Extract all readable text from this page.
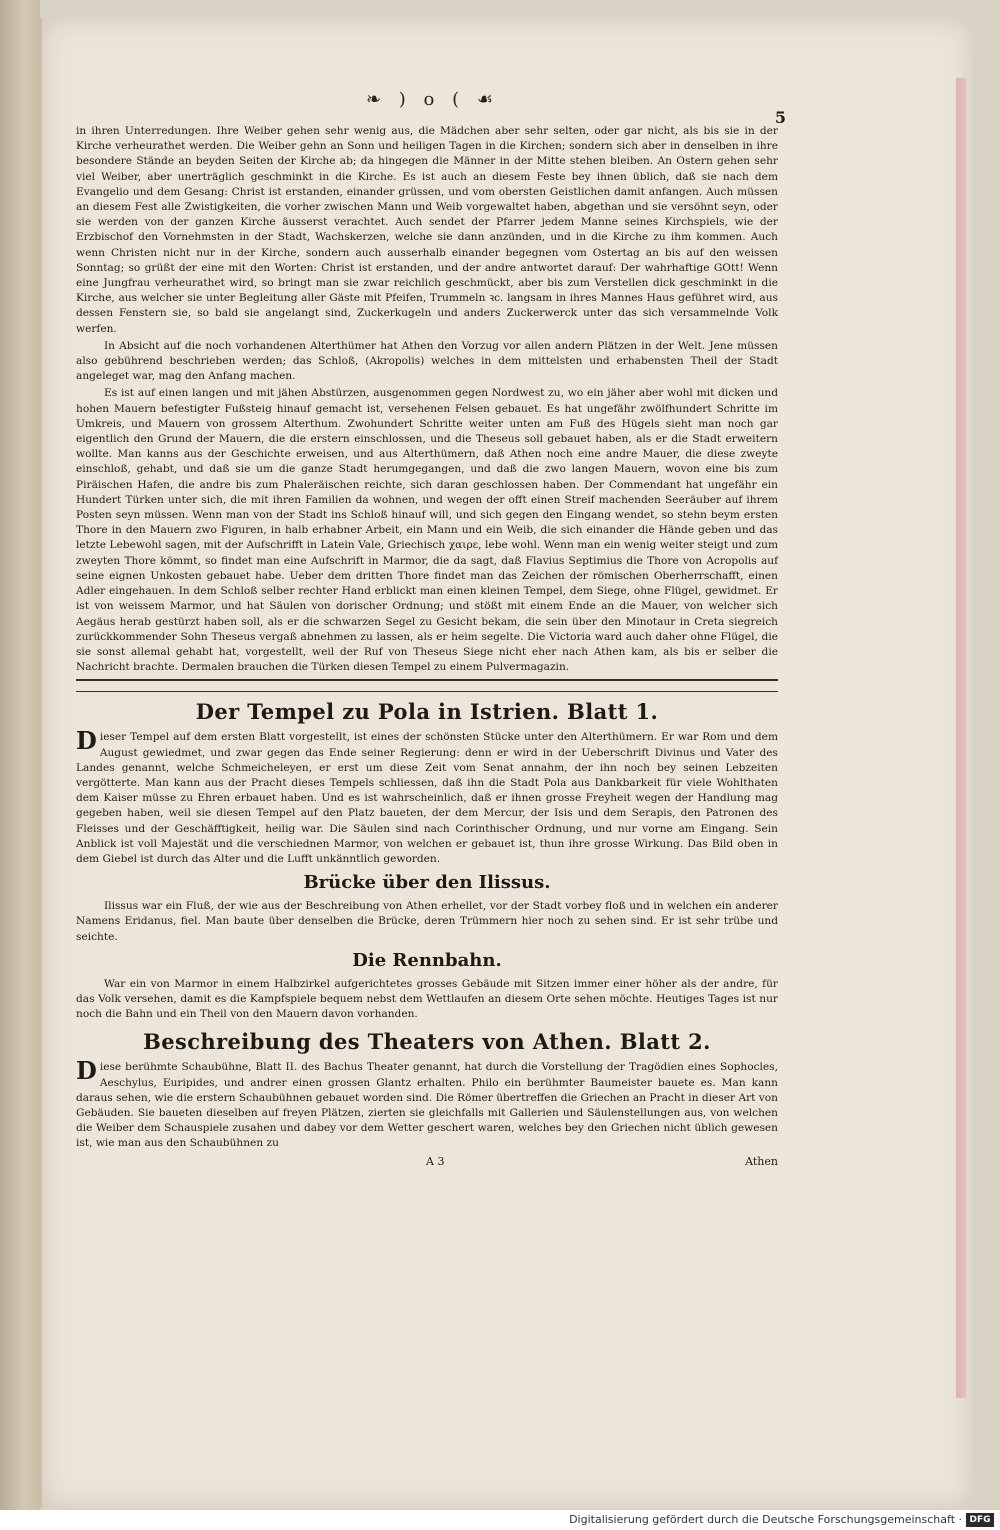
❧ ) o ( ☙
5

in ihren Unterredungen. Ihre Weiber gehen sehr wenig aus, die Mädchen aber sehr selten, oder gar nicht, als bis sie in der Kirche verheurathet werden. Die Weiber gehn an Sonn und heiligen Tagen in die Kirchen; sondern sich aber in denselben in ihre besondere Stände an beyden Seiten der Kirche ab; da hingegen die Männer in der Mitte stehen bleiben. An Ostern gehen sehr viel Weiber, aber unerträglich geschminkt in die Kirche. Es ist auch an diesem Feste bey ihnen üblich, daß sie nach dem Evangelio und dem Gesang: Christ ist erstanden, einander grüssen, und vom obersten Geistlichen damit anfangen. Auch müssen an diesem Fest alle Zwistigkeiten, die vorher zwischen Mann und Weib vorgewaltet haben, abgethan und sie versöhnt seyn, oder sie werden von der ganzen Kirche äusserst verachtet. Auch sendet der Pfarrer jedem Manne seines Kirchspiels, wie der Erzbischof den Vornehmsten in der Stadt, Wachskerzen, welche sie dann anzünden, und in die Kirche zu ihm kommen. Auch wenn Christen nicht nur in der Kirche, sondern auch ausserhalb einander begegnen vom Ostertag an bis auf den weissen Sonntag; so grüßt der eine mit den Worten: Christ ist erstanden, und der andre antwortet darauf: Der wahrhaftige GOtt! Wenn eine Jungfrau verheurathet wird, so bringt man sie zwar reichlich geschmückt, aber bis zum Verstellen dick geschminkt in die Kirche, aus welcher sie unter Begleitung aller Gäste mit Pfeifen, Trummeln ꝛc. langsam in ihres Mannes Haus geführet wird, aus dessen Fenstern sie, so bald sie angelangt sind, Zuckerkugeln und anders Zuckerwerck unter das sich versammelnde Volk werfen.

In Absicht auf die noch vorhandenen Alterthümer hat Athen den Vorzug vor allen andern Plätzen in der Welt. Jene müssen also gebührend beschrieben werden; das Schloß, (Akropolis) welches in dem mittelsten und erhabensten Theil der Stadt angeleget war, mag den Anfang machen.

Es ist auf einen langen und mit jähen Abstürzen, ausgenommen gegen Nordwest zu, wo ein jäher aber wohl mit dicken und hohen Mauern befestigter Fußsteig hinauf gemacht ist, versehenen Felsen gebauet. Es hat ungefähr zwölfhundert Schritte im Umkreis, und Mauern von grossem Alterthum. Zwohundert Schritte weiter unten am Fuß des Hügels sieht man noch gar eigentlich den Grund der Mauern, die die erstern einschlossen, und die Theseus soll gebauet haben, als er die Stadt erweitern wollte. Man kanns aus der Geschichte erweisen, und aus Alterthümern, daß Athen noch eine andre Mauer, die diese zweyte einschloß, gehabt, und daß sie um die ganze Stadt herumgegangen, und daß die zwo langen Mauern, wovon eine bis zum Piräischen Hafen, die andre bis zum Phaleräischen reichte, sich daran geschlossen haben. Der Commendant hat ungefähr ein Hundert Türken unter sich, die mit ihren Familien da wohnen, und wegen der offt einen Streif machenden Seeräuber auf ihrem Posten seyn müssen. Wenn man von der Stadt ins Schloß hinauf will, und sich gegen den Eingang wendet, so stehn beym ersten Thore in den Mauern zwo Figuren, in halb erhabner Arbeit, ein Mann und ein Weib, die sich einander die Hände geben und das letzte Lebewohl sagen, mit der Aufschrifft in Latein Vale, Griechisch χαιρε, lebe wohl. Wenn man ein wenig weiter steigt und zum zweyten Thore kömmt, so findet man eine Aufschrift in Marmor, die da sagt, daß Flavius Septimius die Thore von Acropolis auf seine eignen Unkosten gebauet habe. Ueber dem dritten Thore findet man das Zeichen der römischen Oberherrschafft, einen Adler eingehauen. In dem Schloß selber rechter Hand erblickt man einen kleinen Tempel, dem Siege, ohne Flügel, gewidmet. Er ist von weissem Marmor, und hat Säulen von dorischer Ordnung; und stößt mit einem Ende an die Mauer, von welcher sich Aegäus herab gestürzt haben soll, als er die schwarzen Segel zu Gesicht bekam, die sein über den Minotaur in Creta siegreich zurückkommender Sohn Theseus vergaß abnehmen zu lassen, als er heim segelte. Die Victoria ward auch daher ohne Flügel, die sie sonst allemal gehabt hat, vorgestellt, weil der Ruf von Theseus Siege nicht eher nach Athen kam, als bis er selber die Nachricht brachte. Dermalen brauchen die Türken diesen Tempel zu einem Pulvermagazin.

Der Tempel zu Pola in Istrien. Blatt 1.

Dieser Tempel auf dem ersten Blatt vorgestellt, ist eines der schönsten Stücke unter den Alterthümern. Er war Rom und dem August gewiedmet, und zwar gegen das Ende seiner Regierung: denn er wird in der Ueberschrift Divinus und Vater des Landes genannt, welche Schmeicheleyen, er erst um diese Zeit vom Senat annahm, der ihn noch bey seinen Lebzeiten vergötterte. Man kann aus der Pracht dieses Tempels schliessen, daß ihn die Stadt Pola aus Dankbarkeit für viele Wohlthaten dem Kaiser müsse zu Ehren erbauet haben. Und es ist wahrscheinlich, daß er ihnen grosse Freyheit wegen der Handlung mag gegeben haben, weil sie diesen Tempel auf den Platz baueten, der dem Mercur, der Isis und dem Serapis, den Patronen des Fleisses und der Geschäfftigkeit, heilig war. Die Säulen sind nach Corinthischer Ordnung, und nur vorne am Eingang. Sein Anblick ist voll Majestät und die verschiednen Marmor, von welchen er gebauet ist, thun ihre grosse Wirkung. Das Bild oben in dem Giebel ist durch das Alter und die Lufft unkänntlich geworden.

Brücke über den Ilissus.

Ilissus war ein Fluß, der wie aus der Beschreibung von Athen erhellet, vor der Stadt vorbey floß und in welchen ein anderer Namens Eridanus, fiel. Man baute über denselben die Brücke, deren Trümmern hier noch zu sehen sind. Er ist sehr trübe und seichte.

Die Rennbahn.

War ein von Marmor in einem Halbzirkel aufgerichtetes grosses Gebäude mit Sitzen immer einer höher als der andre, für das Volk versehen, damit es die Kampfspiele bequem nebst dem Wettlaufen an diesem Orte sehen möchte. Heutiges Tages ist nur noch die Bahn und ein Theil von den Mauern davon vorhanden.

Beschreibung des Theaters von Athen. Blatt 2.

Diese berühmte Schaubühne, Blatt II. des Bachus Theater genannt, hat durch die Vorstellung der Tragödien eines Sophocles, Aeschylus, Euripides, und andrer einen grossen Glantz erhalten. Philo ein berühmter Baumeister bauete es. Man kann daraus sehen, wie die erstern Schaubühnen gebauet worden sind. Die Römer übertreffen die Griechen an Pracht in dieser Art von Gebäuden. Sie baueten dieselben auf freyen Plätzen, zierten sie gleichfalls mit Gallerien und Säulenstellungen aus, von welchen die Weiber dem Schauspiele zusahen und dabey vor dem Wetter geschert waren, welches bey den Griechen nicht üblich gewesen ist, wie man aus den Schaubühnen zu

A 3	Athen
Digitalisierung gefördert durch die Deutsche Forschungsgemeinschaft · DFG
